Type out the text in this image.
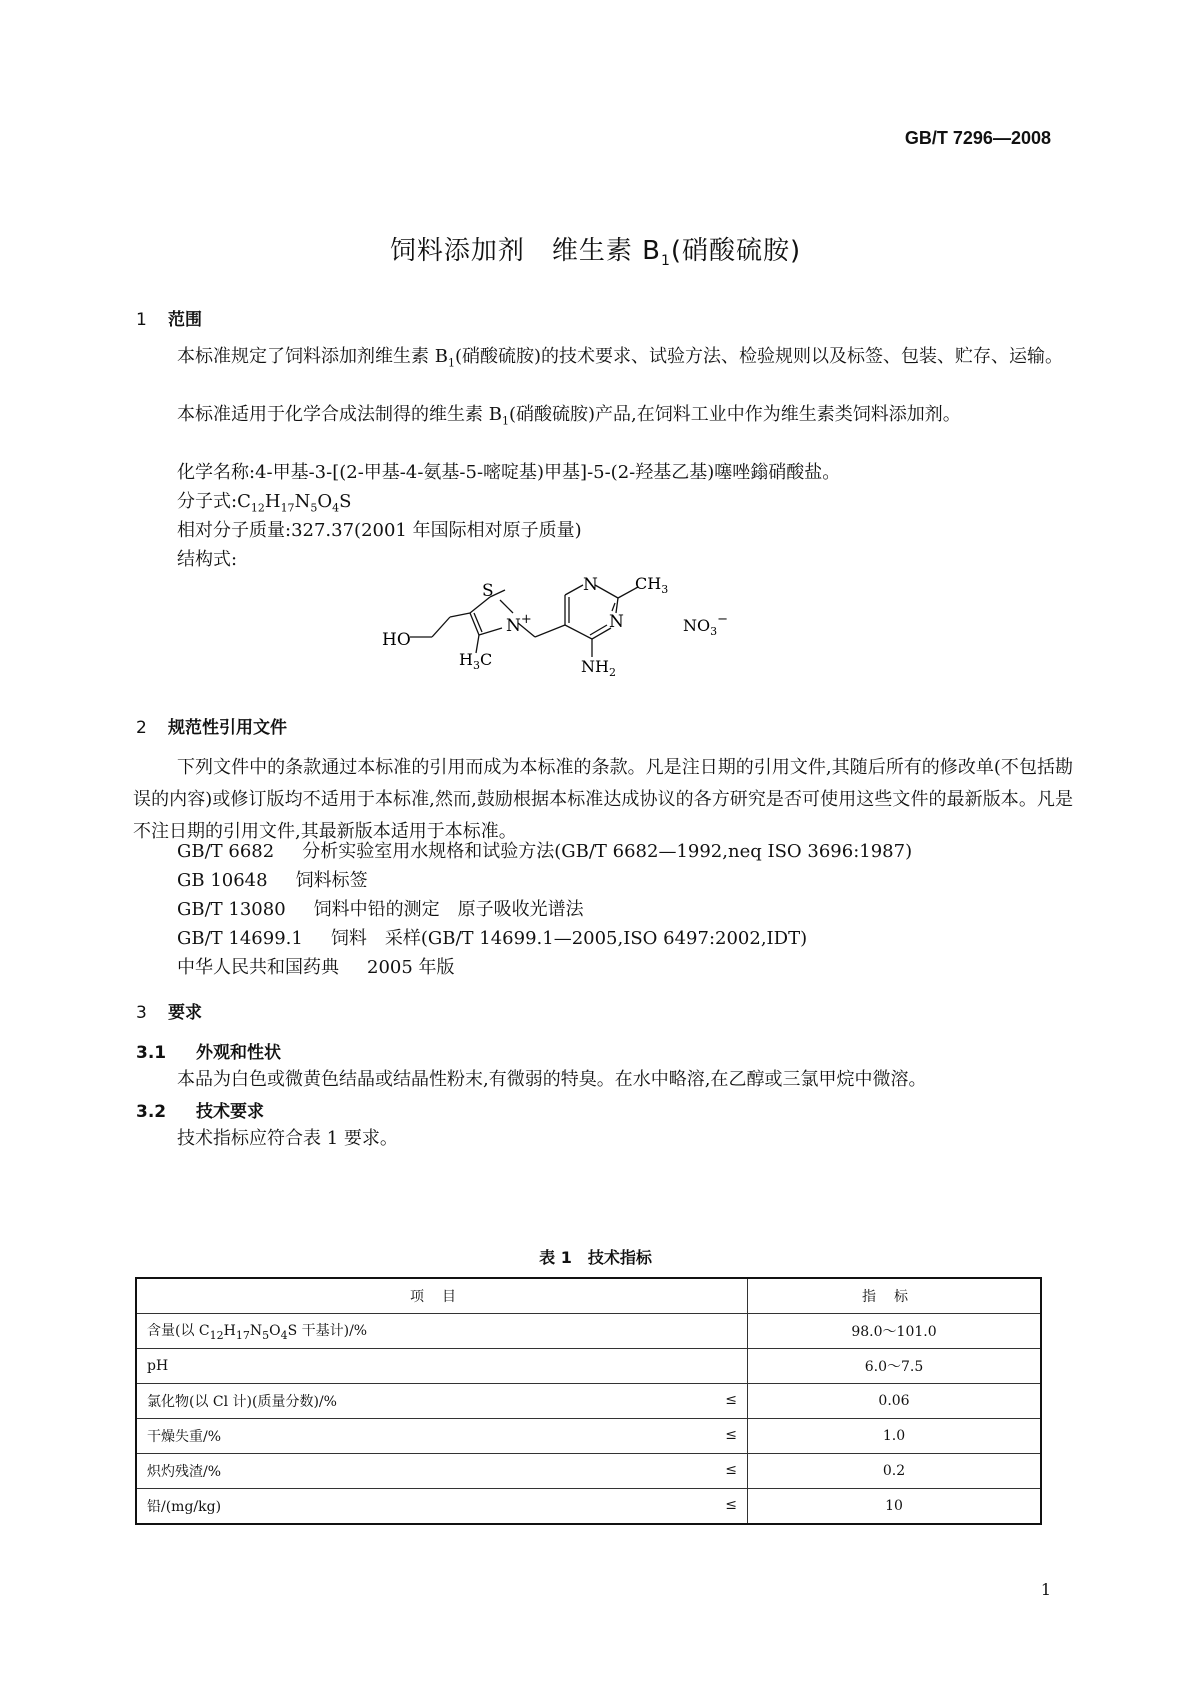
GB/T 7296—2008
饲料添加剂　维生素 $B_1$(硝酸硫胺)
1 范围
本标准规定了饲料添加剂维生素 $B_1$(硝酸硫胺)的技术要求、试验方法、检验规则以及标签、包装、贮存、运输。
本标准适用于化学合成法制得的维生素 $B_1$(硝酸硫胺)产品,在饲料工业中作为维生素类饲料添加剂。
化学名称:4-甲基-3-[(2-甲基-4-氨基-5-嘧啶基)甲基]-5-(2-羟基乙基)噻唑鎓硝酸盐。
分子式$:C_{12}H_{17}N_5O_4S$
相对分子质量:327.37(2001 年国际相对原子质量)
结构式:
S
N+
HO
$H_3C$
N $CH_3$
N
$NH_2$
$NO_3^-$
2 规范性引用文件
下列文件中的条款通过本标准的引用而成为本标准的条款。凡是注日期的引用文件,其随后所有的修改单(不包括勘误的内容)或修订版均不适用于本标准,然而,鼓励根据本标准达成协议的各方研究是否可使用这些文件的最新版本。凡是不注日期的引用文件,其最新版本适用于本标准。
GB/T 6682 分析实验室用水规格和试验方法(GB/T 6682—1992,neq ISO 3696:1987)
GB 10648 饲料标签
GB/T 13080 饲料中铅的测定　原子吸收光谱法
GB/T 14699.1 饲料　采样(GB/T 14699.1—2005,ISO 6497:2002,IDT)
中华人民共和国药典 2005 年版
3 要求
3.1 外观和性状
本品为白色或微黄色结晶或结晶性粉末,有微弱的特臭。在水中略溶,在乙醇或三氯甲烷中微溶。
3.2 技术要求
技术指标应符合表 1 要求。
表 1　技术指标
项目	指标
含量(以 $C_{12}H_{17}N_5O_4S$ 干基计)/%	98.0～101.0
pH	6.0～7.5
氯化物(以 Cl 计)(质量分数)/% ≤	0.06
干燥失重/% ≤	1.0
炽灼残渣/% ≤	0.2
铅/(mg/kg) ≤	10
1
